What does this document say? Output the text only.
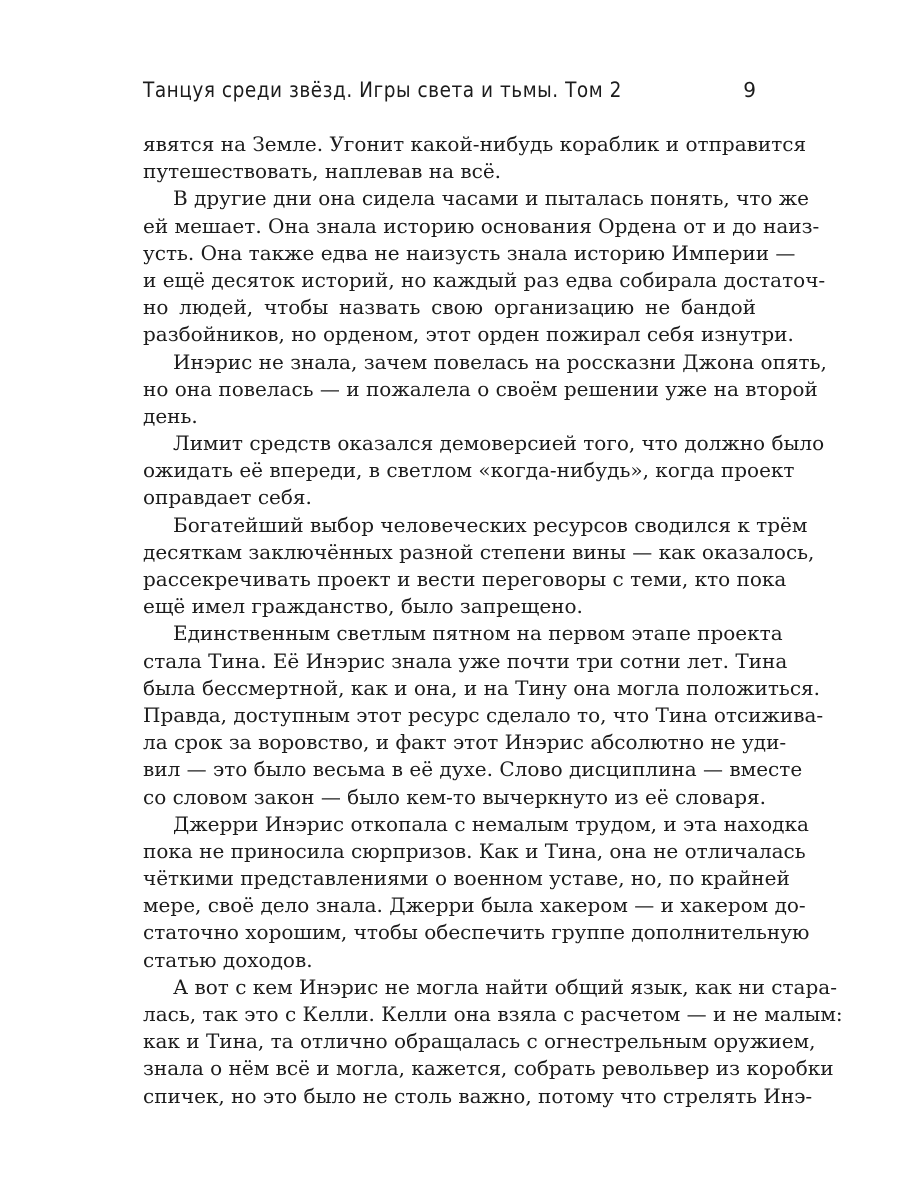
Танцуя среди звёзд. Игры света и тьмы. Том 2	9
явятся на Земле. Угонит какой-нибудь кораблик и отправится
путешествовать, наплевав на всё.
В другие дни она сидела часами и пыталась понять, что же
ей мешает. Она знала историю основания Ордена от и до наиз-
усть. Она также едва не наизусть знала историю Империи —
и ещё десяток историй, но каждый раз едва собирала достаточ-
но людей, чтобы назвать свою организацию не бандой
разбойников, но орденом, этот орден пожирал себя изнутри.
Инэрис не знала, зачем повелась на россказни Джона опять,
но она повелась — и пожалела о своём решении уже на второй
день.
Лимит средств оказался демоверсией того, что должно было
ожидать её впереди, в светлом «когда-нибудь», когда проект
оправдает себя.
Богатейший выбор человеческих ресурсов сводился к трём
десяткам заключённых разной степени вины — как оказалось,
рассекречивать проект и вести переговоры с теми, кто пока
ещё имел гражданство, было запрещено.
Единственным светлым пятном на первом этапе проекта
стала Тина. Её Инэрис знала уже почти три сотни лет. Тина
была бессмертной, как и она, и на Тину она могла положиться.
Правда, доступным этот ресурс сделало то, что Тина отсижива-
ла срок за воровство, и факт этот Инэрис абсолютно не уди-
вил — это было весьма в её духе. Слово дисциплина — вместе
со словом закон — было кем-то вычеркнуто из её словаря.
Джерри Инэрис откопала с немалым трудом, и эта находка
пока не приносила сюрпризов. Как и Тина, она не отличалась
чёткими представлениями о военном уставе, но, по крайней
мере, своё дело знала. Джерри была хакером — и хакером до-
статочно хорошим, чтобы обеспечить группе дополнительную
статью доходов.
А вот с кем Инэрис не могла найти общий язык, как ни стара-
лась, так это с Келли. Келли она взяла с расчетом — и не малым:
как и Тина, та отлично обращалась с огнестрельным оружием,
знала о нём всё и могла, кажется, собрать револьвер из коробки
спичек, но это было не столь важно, потому что стрелять Инэ-
